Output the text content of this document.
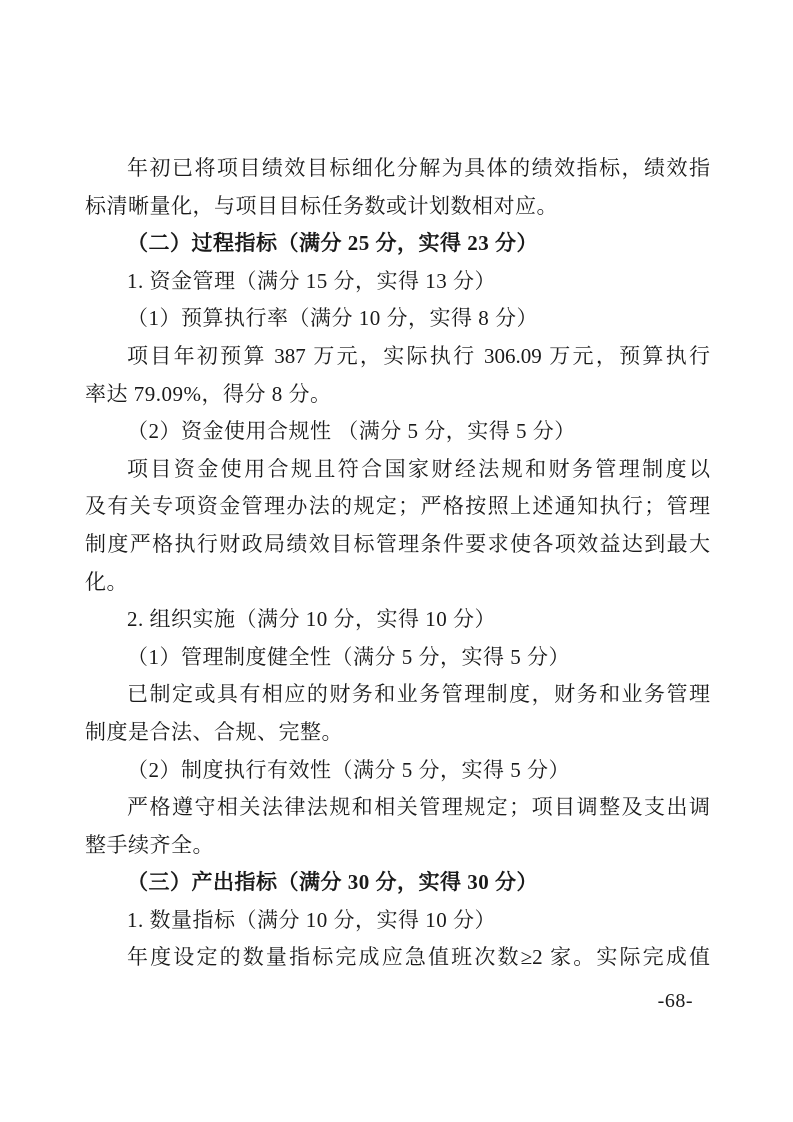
年初已将项目绩效目标细化分解为具体的绩效指标，绩效指
标清晰量化，与项目目标任务数或计划数相对应。
（二）过程指标（满分 25 分，实得 23 分）
1. 资金管理（满分 15 分，实得 13 分）
（1）预算执行率（满分 10 分，实得 8 分）
项目年初预算 387 万元，实际执行 306.09 万元，预算执行
率达 79.09%，得分 8 分。
（2）资金使用合规性 （满分 5 分，实得 5 分）
项目资金使用合规且符合国家财经法规和财务管理制度以
及有关专项资金管理办法的规定；严格按照上述通知执行；管理
制度严格执行财政局绩效目标管理条件要求使各项效益达到最大
化。
2. 组织实施（满分 10 分，实得 10 分）
（1）管理制度健全性（满分 5 分，实得 5 分）
已制定或具有相应的财务和业务管理制度，财务和业务管理
制度是合法、合规、完整。
（2）制度执行有效性（满分 5 分，实得 5 分）
严格遵守相关法律法规和相关管理规定；项目调整及支出调
整手续齐全。
（三）产出指标（满分 30 分，实得 30 分）
1. 数量指标（满分 10 分，实得 10 分）
年度设定的数量指标完成应急值班次数≥2 家。实际完成值
-68-
